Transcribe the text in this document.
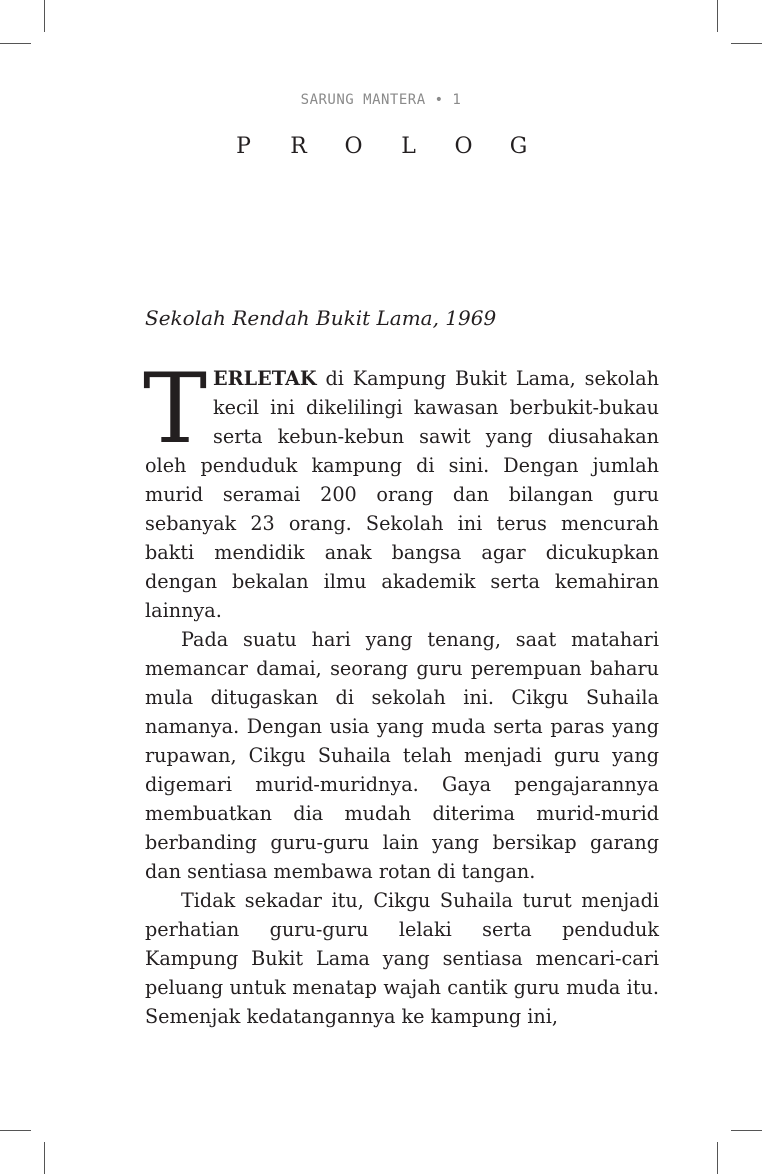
SARUNG MANTERA • 1
P R O L O G
Sekolah Rendah Bukit Lama, 1969

TERLETAK di Kampung Bukit Lama, sekolah kecil ini dikelilingi kawasan berbukit-bukau serta kebun-kebun sawit yang diusahakan oleh penduduk kampung di sini. Dengan jumlah murid seramai 200 orang dan bilangan guru sebanyak 23 orang. Sekolah ini terus mencurah bakti mendidik anak bangsa agar dicukupkan dengan bekalan ilmu akademik serta kemahiran lainnya.

Pada suatu hari yang tenang, saat matahari memancar damai, seorang guru perempuan baharu mula ditugaskan di sekolah ini. Cikgu Suhaila namanya. Dengan usia yang muda serta paras yang rupawan, Cikgu Suhaila telah menjadi guru yang digemari murid-muridnya. Gaya pengajarannya membuatkan dia mudah diterima murid-murid berbanding guru-guru lain yang bersikap garang dan sentiasa membawa rotan di tangan.

Tidak sekadar itu, Cikgu Suhaila turut menjadi perhatian guru-guru lelaki serta penduduk Kampung Bukit Lama yang sentiasa mencari-cari peluang untuk menatap wajah cantik guru muda itu. Semenjak kedatangannya ke kampung ini,
